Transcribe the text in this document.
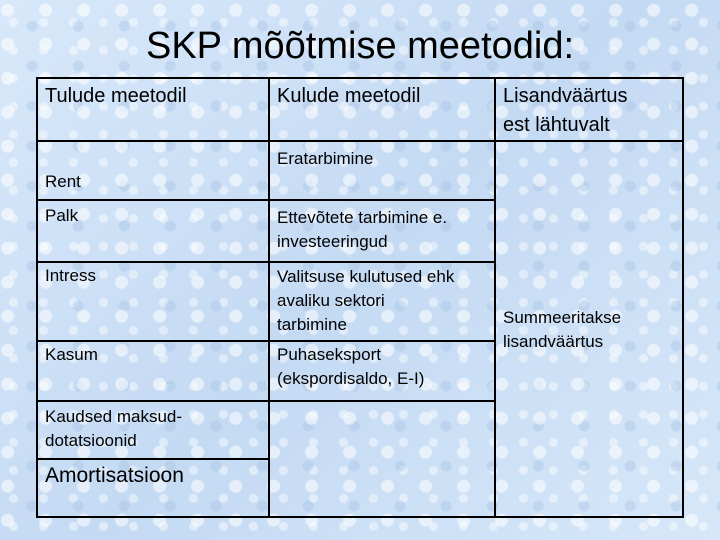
SKP mõõtmise meetodid:
Tulude meetodil	Kulude meetodil	Lisandväärtus
est lähtuvalt
Rent
Palk
Intress
Kasum
Kaudsed maksud-
dotatsioonid
Amortisatsioon
Eratarbimine
Ettevõtete tarbimine e.
investeeringud
Valitsuse kulutused ehk
avaliku sektori
tarbimine
Puhaseksport
(ekspordisaldo, E-I)
Summeeritakse
lisandväärtus
